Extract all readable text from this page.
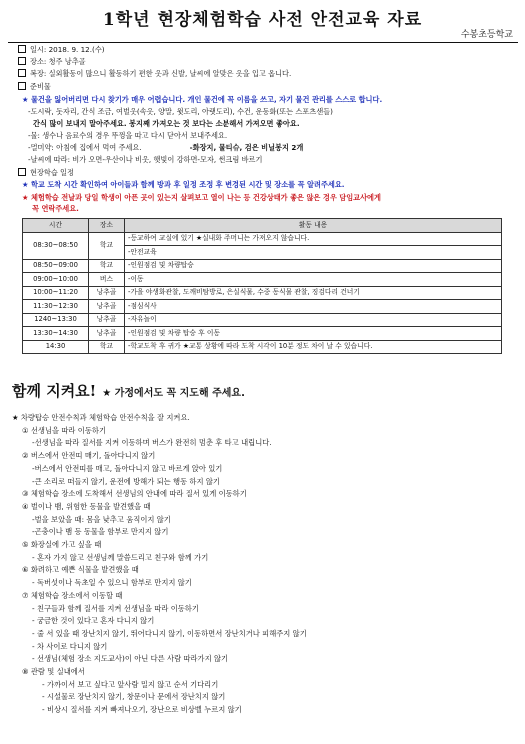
1학년 현장체험학습 사전 안전교육 자료
수봉초등학교
일시: 2018. 9. 12.(수)
장소: 청주 낭추골
복장: 실외활동이 많으니 활동하기 편한 옷과 신발, 날씨에 알맞은 옷을 입고 옵니다.
준비물
★ 물건을 잃어버리면 다시 찾기가 매우 어렵습니다. 개인 물건에 꼭 이름을 쓰고, 자기 물건 관리를 스스로 합니다.
-도시락, 돗자리, 간식 조금, 여벌옷(속옷, 양말, 윗도리, 아랫도리), 수건, 운동화(또는 스포츠샌들)
간식 많이 보내지 말아주세요. 봉지째 가져오는 것 보다는 소분해서 가져오면 좋아요.
-물: 생수나 음료수의 경우 뚜껑을 따고 다시 닫아서 보내주세요.
-멀미약: 아침에 집에서 먹여 주세요.	-화장지, 물티슈, 검은 비닐봉지 2개
-날씨에 따라: 비가 오면-우산이나 비옷, 햇빛이 강하면-모자, 썬크림 바르기
현장학습 일정
★ 학교 도착 시간 확인하여 아이들과 함께 방과 후 일정 조정 후 변경된 시간 및 장소를 꼭 알려주세요.
★ 체험학습 전날과 당일 학생이 아픈 곳이 있는지 살펴보고 열이 나는 등 건강상태가 좋은 않은 경우 담임교사에게
꼭 연락주세요.
시간	장소	활동 내용
08:30~08:50	학교	-등교하여 교실에 있기 ★실내화 주머니는 가져오지 않습니다.
		-안전교육
08:50~09:00	학교	-인원점검 및 차량탑승
09:00~10:00	버스	-이동
10:00~11:20	낭추골	-가을 야생화관찰, 도깨비탐방로, 은실식물, 수중 동식물 관찰, 징검다리 건너기
11:30~12:30	낭추골	-점심식사
1240~13:30	낭추골	-자유놀이
13:30~14:30	낭추골	-인원점검 및 차량 탑승 후 이동
14:30	학교	-학교도착 후 귀가 ★교통 상황에 따라 도착 시각이 10분 정도 차이 날 수 있습니다.
함께 지켜요! ★ 가정에서도 꼭 지도해 주세요.
★ 차량탑승 안전수칙과 체험학습 안전수칙을 잘 지켜요.
① 선생님을 따라 이동하기
-선생님을 따라 질서를 지켜 이동하며 버스가 완전히 멈춘 후 타고 내립니다.
② 버스에서 안전띠 매기, 돌아다니지 않기
-버스에서 안전띠를 매고, 돌아다니지 않고 바르게 앉아 있기
-큰 소리로 떠들지 않기, 운전에 방해가 되는 행동 하지 않기
③ 체험학습 장소에 도착해서 선생님의 안내에 따라 질서 있게 이동하기
④ 벌이나 뱀, 위험한 동물을 발견했을 때
-벌을 보았을 때: 몸을 낮추고 움직이지 않기
-곤충이나 뱀 등 동물을 함부로 만지지 않기
⑤ 화장실에 가고 싶을 때
- 혼자 가지 않고 선생님께 말씀드리고 친구와 함께 가기
⑥ 화려하고 예쁜 식물을 발견했을 때
- 독버섯이나 독초일 수 있으니 함부로 만지지 않기
⑦ 체험학습 장소에서 이동할 때
- 친구들과 함께 질서를 지켜 선생님을 따라 이동하기
- 궁금한 것이 있다고 혼자 다니지 않기
- 줄 서 있을 때 장난치지 않기, 뛰어다니지 않기, 이동하면서 장난치거나 피해주지 않기
- 차 사이로 다니지 않기
- 선생님(체험 장소 지도교사)이 아닌 다른 사람 따라가지 않기
⑧ 관람 및 실내에서
- 가까이서 보고 싶다고 앞사람 밀지 않고 순서 기다리기
- 시설물로 장난치지 않기, 창문이나 문에서 장난치지 않기
- 비상시 질서를 지켜 빠져나오기, 장난으로 비상벨 누르지 않기
